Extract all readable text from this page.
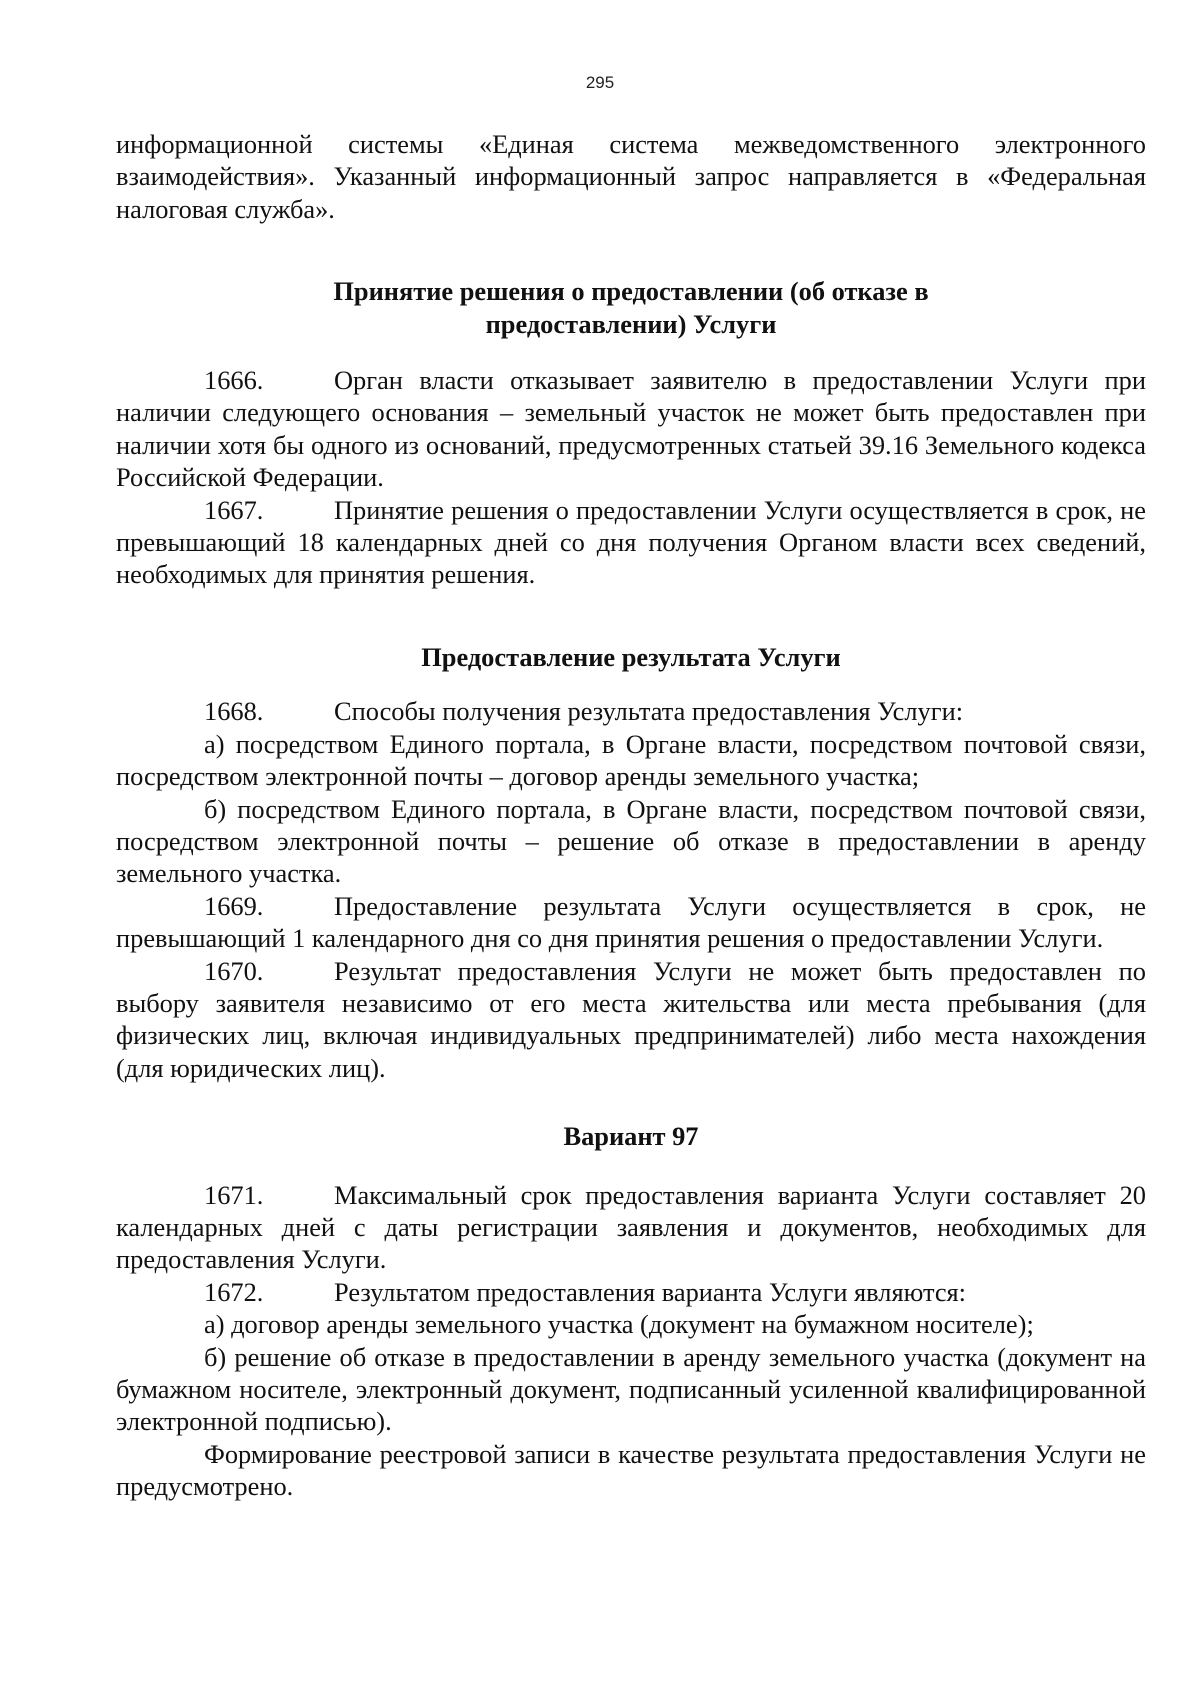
295

информационной системы «Единая система межведомственного электронного взаимодействия». Указанный информационный запрос направляется в «Федеральная налоговая служба».

Принятие решения о предоставлении (об отказе в предоставлении) Услуги

1666.	Орган власти отказывает заявителю в предоставлении Услуги при наличии следующего основания – земельный участок не может быть предоставлен при наличии хотя бы одного из оснований, предусмотренных статьей 39.16 Земельного кодекса Российской Федерации.

1667.	Принятие решения о предоставлении Услуги осуществляется в срок, не превышающий 18 календарных дней со дня получения Органом власти всех сведений, необходимых для принятия решения.

Предоставление результата Услуги

1668.	Способы получения результата предоставления Услуги:

а) посредством Единого портала, в Органе власти, посредством почтовой связи, посредством электронной почты – договор аренды земельного участка;

б) посредством Единого портала, в Органе власти, посредством почтовой связи, посредством электронной почты – решение об отказе в предоставлении в аренду земельного участка.

1669.	Предоставление результата Услуги осуществляется в срок, не превышающий 1 календарного дня со дня принятия решения о предоставлении Услуги.

1670.	Результат предоставления Услуги не может быть предоставлен по выбору заявителя независимо от его места жительства или места пребывания (для физических лиц, включая индивидуальных предпринимателей) либо места нахождения (для юридических лиц).

Вариант 97

1671.	Максимальный срок предоставления варианта Услуги составляет 20 календарных дней с даты регистрации заявления и документов, необходимых для предоставления Услуги.

1672.	Результатом предоставления варианта Услуги являются:

а) договор аренды земельного участка (документ на бумажном носителе);

б) решение об отказе в предоставлении в аренду земельного участка (документ на бумажном носителе, электронный документ, подписанный усиленной квалифицированной электронной подписью).

Формирование реестровой записи в качестве результата предоставления Услуги не предусмотрено.
